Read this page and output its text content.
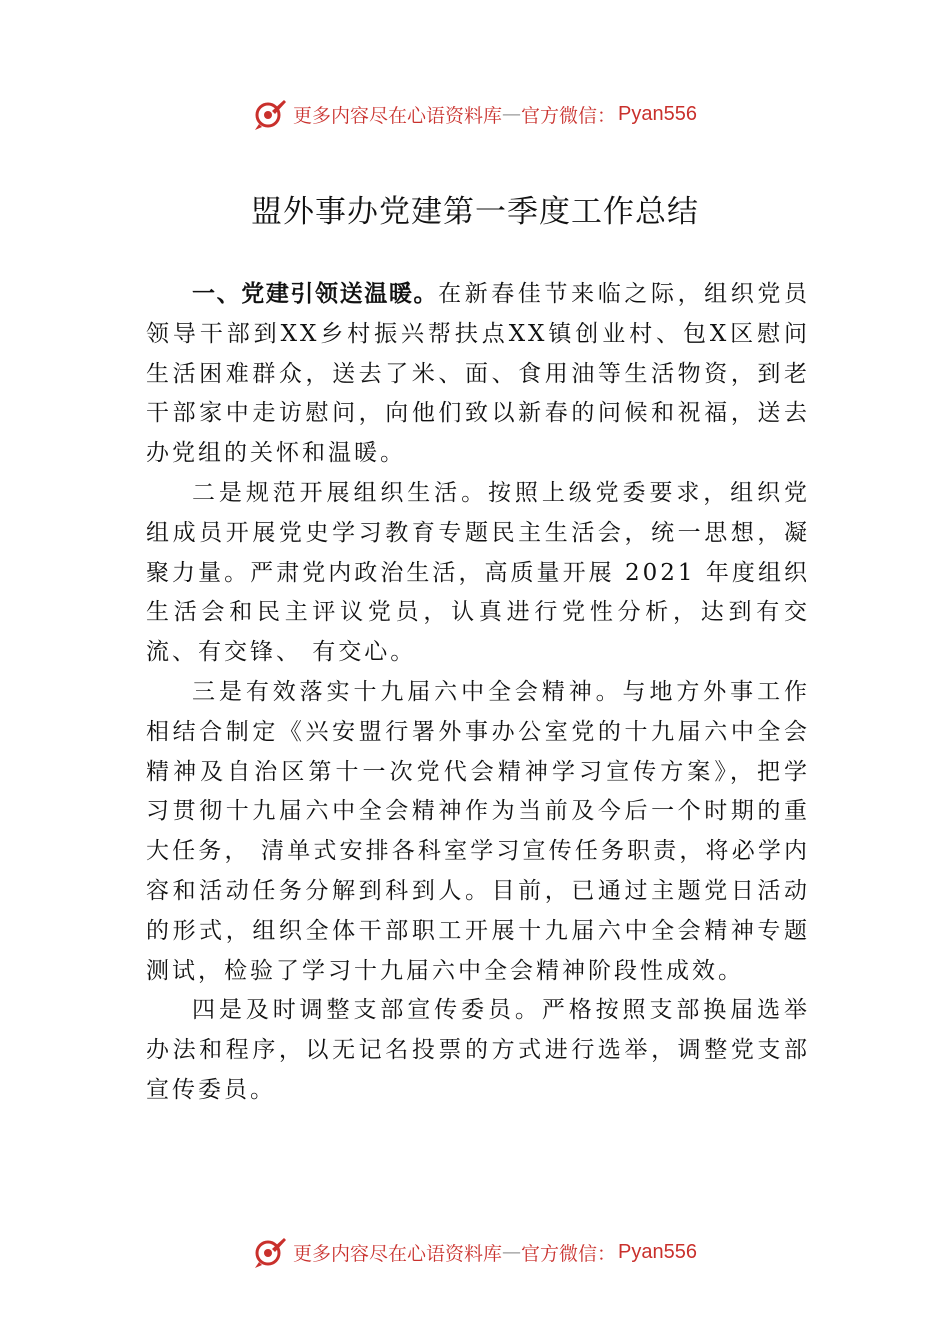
更多内容尽在心语资料库 — 官方微信： Pyan556
盟外事办党建第一季度工作总结

一、党建引领送温暖。在新春佳节来临之际，组织党员领导干部到XX乡村振兴帮扶点XX镇创业村、包X区慰问生活困难群众，送去了米、面、食用油等生活物资，到老干部家中走访慰问，向他们致以新春的问候和祝福，送去办党组的关怀和温暖。

二是规范开展组织生活。按照上级党委要求，组织党组成员开展党史学习教育专题民主生活会，统一思想，凝聚力量。严肃党内政治生活，高质量开展 2021 年度组织生活会和民主评议党员，认真进行党性分析，达到有交流、有交锋、 有交心。

三是有效落实十九届六中全会精神。与地方外事工作相结合制定《兴安盟行署外事办公室党的十九届六中全会精神及自治区第十一次党代会精神学习宣传方案》，把学习贯彻十九届六中全会精神作为当前及今后一个时期的重大任务， 清单式安排各科室学习宣传任务职责，将必学内容和活动任务分解到科到人。目前，已通过主题党日活动的形式，组织全体干部职工开展十九届六中全会精神专题测试，检验了学习十九届六中全会精神阶段性成效。

四是及时调整支部宣传委员。严格按照支部换届选举办法和程序，以无记名投票的方式进行选举，调整党支部宣传委员。

更多内容尽在心语资料库 — 官方微信： Pyan556
